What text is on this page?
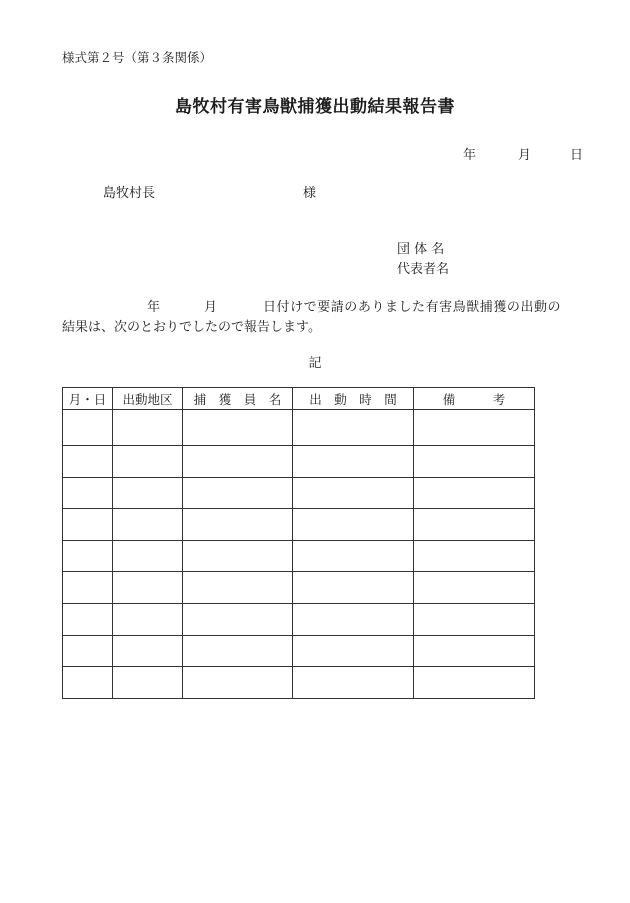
様式第２号（第３条関係）
島牧村有害鳥獣捕獲出動結果報告書
年	月	日
島牧村長	様
団 体 名
代表者名
年	月	日付けで要請のありました有害鳥獣捕獲の出動の
結果は、次のとおりでしたので報告します。
記
月・日	出動地区	捕　獲　員　名	出　動　時　間	備　　　考
